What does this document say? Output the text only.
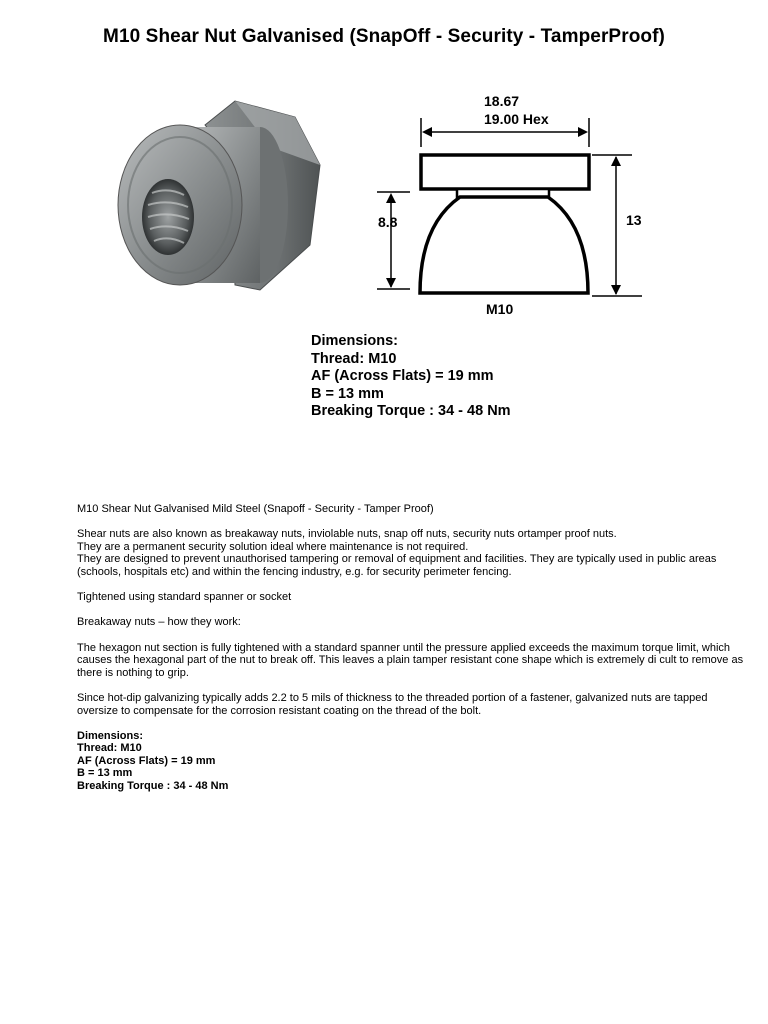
M10 Shear Nut Galvanised (SnapOff - Security - TamperProof)
18.67
19.00 Hex
8.8	13
M10
Dimensions:
Thread: M10
AF (Across Flats) = 19 mm
B = 13 mm
Breaking Torque : 34 - 48 Nm

M10 Shear Nut Galvanised Mild Steel (Snapoff - Security - Tamper Proof)

Shear nuts are also known as breakaway nuts, inviolable nuts, snap off nuts, security nuts ortamper proof nuts.

They are a permanent security solution ideal where maintenance is not required.

They are designed to prevent unauthorised tampering or removal of equipment and facilities. They are typically used in public areas (schools, hospitals etc) and within the fencing industry, e.g. for security perimeter fencing.

Tightened using standard spanner or socket

Breakaway nuts – how they work:

The hexagon nut section is fully tightened with a standard spanner until the pressure applied exceeds the maximum torque limit, which causes the hexagonal part of the nut to break off. This leaves a plain tamper resistant cone shape which is extremely di cult to remove as there is nothing to grip.

Since hot-dip galvanizing typically adds 2.2 to 5 mils of thickness to the threaded portion of a fastener, galvanized nuts are tapped oversize to compensate for the corrosion resistant coating on the thread of the bolt.

Dimensions:

Thread: M10

AF (Across Flats) = 19 mm

B = 13 mm

Breaking Torque : 34 - 48 Nm
